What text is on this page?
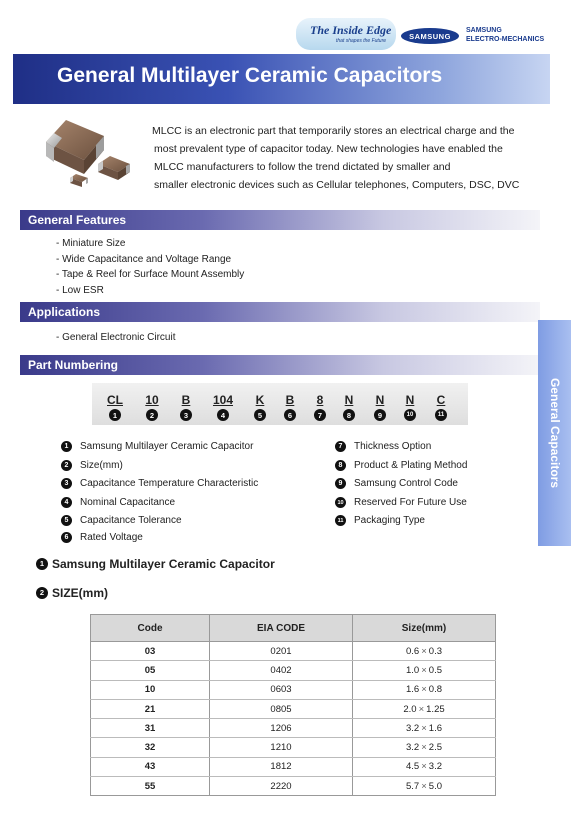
The Inside Edge
that shapes the Future
SAMSUNG
SAMSUNG
ELECTRO-MECHANICS
General Multilayer Ceramic Capacitors
MLCC is an electronic part that temporarily stores an electrical charge and the
most prevalent type of capacitor today. New technologies have enabled the
MLCC manufacturers to follow the trend dictated by smaller and
smaller electronic devices such as Cellular telephones, Computers, DSC, DVC
General Features
- Miniature Size
- Wide Capacitance and Voltage Range
- Tape & Reel for Surface Mount Assembly
- Low ESR
Applications
- General Electronic Circuit
Part Numbering
General Capacitors
CL	10	B	104	K	B	8	N	N	N	C
1	2	3	4	5	6	7	8	9	10	11
1	Samsung Multilayer Ceramic Capacitor
2	Size(mm)
3	Capacitance Temperature Characteristic
4	Nominal Capacitance
5	Capacitance Tolerance
6	Rated Voltage
7	Thickness Option
8	Product & Plating Method
9	Samsung Control Code
10 Reserved For Future Use
11 Packaging Type
1 Samsung Multilayer Ceramic Capacitor
2 SIZE(mm)
Code	EIA CODE	Size(mm)
03	0201	0.6 × 0.3
05	0402	1.0 × 0.5
10	0603	1.6 × 0.8
21	0805	2.0 × 1.25
31	1206	3.2 × 1.6
32	1210	3.2 × 2.5
43	1812	4.5 × 3.2
55	2220	5.7 × 5.0
